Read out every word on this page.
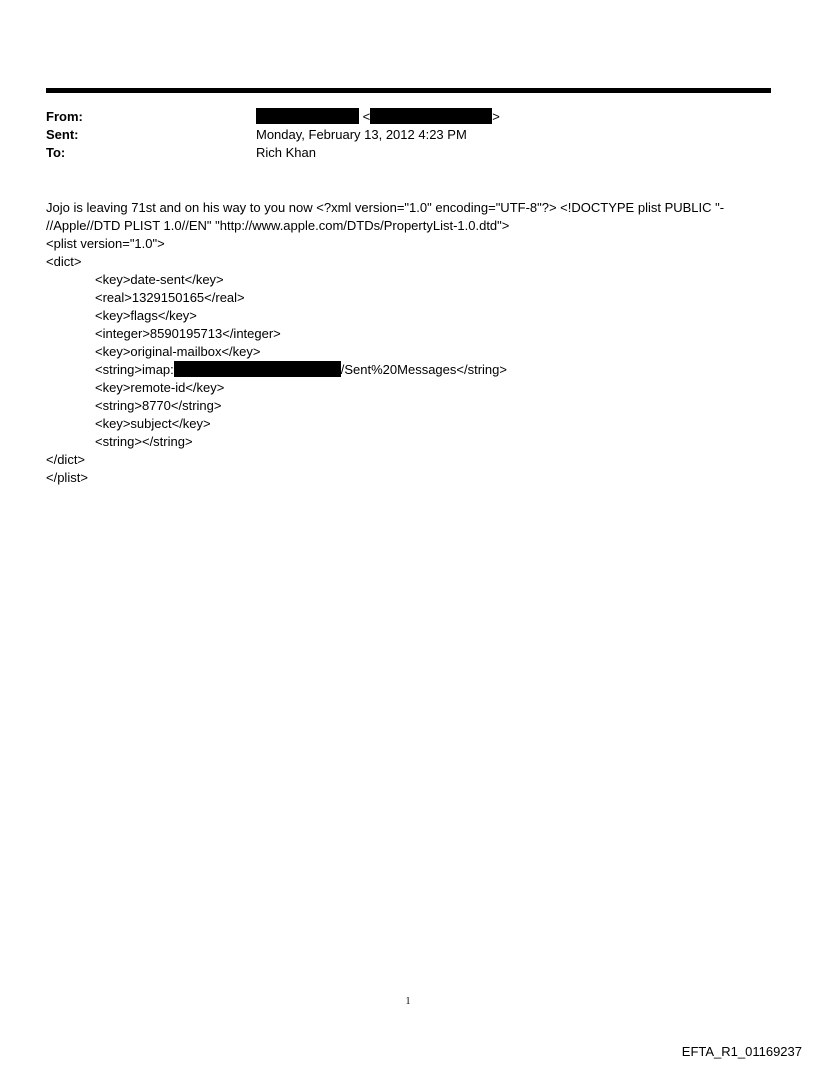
From:	<	>
Sent:	Monday, February 13, 2012 4:23 PM
To:	Rich Khan
Jojo is leaving 71st and on his way to you now <?xml version="1.0" encoding="UTF-8"?> <!DOCTYPE plist PUBLIC "-
//Apple//DTD PLIST 1.0//EN" "http://www.apple.com/DTDs/PropertyList-1.0.dtd">
<plist version="1.0">
<dict>
<key>date-sent</key>
<real>1329150165</real>
<key>flags</key>
<integer>8590195713</integer>
<key>original-mailbox</key>
<string>imap:	/Sent%20Messages</string>
<key>remote-id</key>
<string>8770</string>
<key>subject</key>
<string></string>
</dict>
</plist>
1
EFTA_R1_01169237
